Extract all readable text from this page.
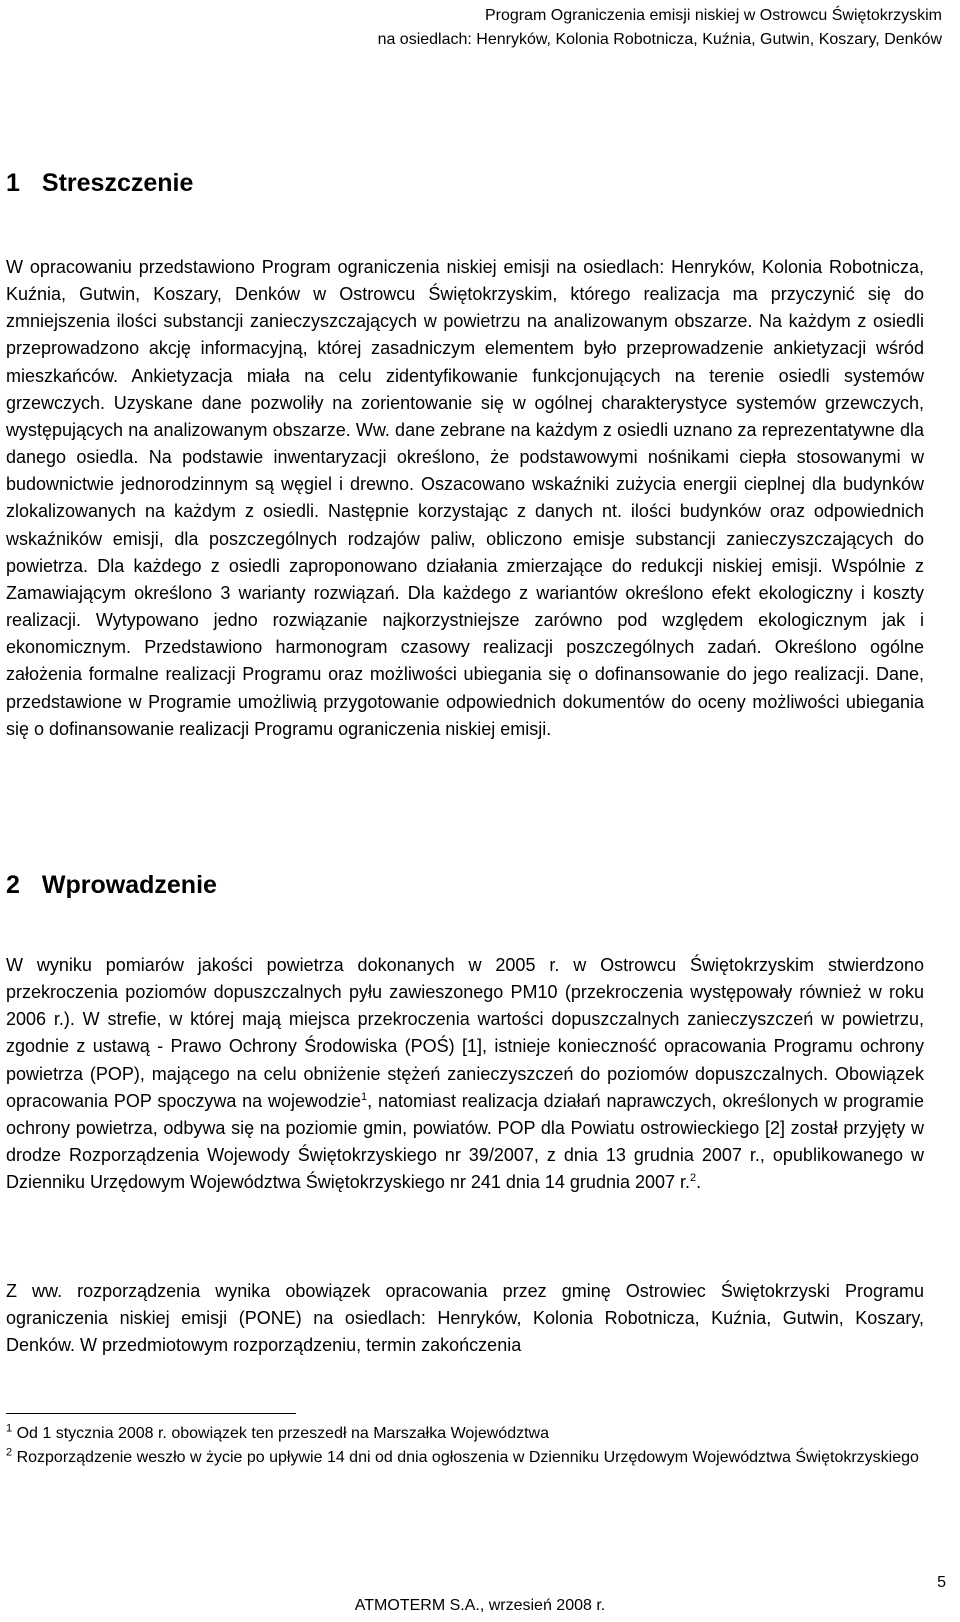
Program Ograniczenia emisji niskiej w Ostrowcu Świętokrzyskim
na osiedlach: Henryków, Kolonia Robotnicza, Kuźnia, Gutwin, Koszary, Denków
1 Streszczenie

W opracowaniu przedstawiono Program ograniczenia niskiej emisji na osiedlach: Henryków, Kolonia Robotnicza, Kuźnia, Gutwin, Koszary, Denków w Ostrowcu Świętokrzyskim, którego realizacja ma przyczynić się do zmniejszenia ilości substancji zanieczyszczających w powietrzu na analizowanym obszarze. Na każdym z osiedli przeprowadzono akcję informacyjną, której zasadniczym elementem było przeprowadzenie ankietyzacji wśród mieszkańców. Ankietyzacja miała na celu zidentyfikowanie funkcjonujących na terenie osiedli systemów grzewczych. Uzyskane dane pozwoliły na zorientowanie się w ogólnej charakterystyce systemów grzewczych, występujących na analizowanym obszarze. Ww. dane zebrane na każdym z osiedli uznano za reprezentatywne dla danego osiedla. Na podstawie inwentaryzacji określono, że podstawowymi nośnikami ciepła stosowanymi w budownictwie jednorodzinnym są węgiel i drewno. Oszacowano wskaźniki zużycia energii cieplnej dla budynków zlokalizowanych na każdym z osiedli. Następnie korzystając z danych nt. ilości budynków oraz odpowiednich wskaźników emisji, dla poszczególnych rodzajów paliw, obliczono emisje substancji zanieczyszczających do powietrza. Dla każdego z osiedli zaproponowano działania zmierzające do redukcji niskiej emisji. Wspólnie z Zamawiającym określono 3 warianty rozwiązań. Dla każdego z wariantów określono efekt ekologiczny i koszty realizacji. Wytypowano jedno rozwiązanie najkorzystniejsze zarówno pod względem ekologicznym jak i ekonomicznym. Przedstawiono harmonogram czasowy realizacji poszczególnych zadań. Określono ogólne założenia formalne realizacji Programu oraz możliwości ubiegania się o dofinansowanie do jego realizacji. Dane, przedstawione w Programie umożliwią przygotowanie odpowiednich dokumentów do oceny możliwości ubiegania się o dofinansowanie realizacji Programu ograniczenia niskiej emisji.

2 Wprowadzenie

W wyniku pomiarów jakości powietrza dokonanych w 2005 r. w Ostrowcu Świętokrzyskim stwierdzono przekroczenia poziomów dopuszczalnych pyłu zawieszonego PM10 (przekroczenia występowały również w roku 2006 r.). W strefie, w której mają miejsca przekroczenia wartości dopuszczalnych zanieczyszczeń w powietrzu, zgodnie z ustawą - Prawo Ochrony Środowiska (POŚ) [1], istnieje konieczność opracowania Programu ochrony powietrza (POP), mającego na celu obniżenie stężeń zanieczyszczeń do poziomów dopuszczalnych. Obowiązek opracowania POP spoczywa na wojewodzie$^1$, natomiast realizacja działań naprawczych, określonych w programie ochrony powietrza, odbywa się na poziomie gmin, powiatów. POP dla Powiatu ostrowieckiego [2] został przyjęty w drodze Rozporządzenia Wojewody Świętokrzyskiego nr 39/2007, z dnia 13 grudnia 2007 r., opublikowanego w Dzienniku Urzędowym Województwa Świętokrzyskiego nr 241 dnia 14 grudnia 2007 r.$^2$.

Z ww. rozporządzenia wynika obowiązek opracowania przez gminę Ostrowiec Świętokrzyski Programu ograniczenia niskiej emisji (PONE) na osiedlach: Henryków, Kolonia Robotnicza, Kuźnia, Gutwin, Koszary, Denków. W przedmiotowym rozporządzeniu, termin zakończenia

$^1$ Od 1 stycznia 2008 r. obowiązek ten przeszedł na Marszałka Województwa

$^2$ Rozporządzenie weszło w życie po upływie 14 dni od dnia ogłoszenia w Dzienniku Urzędowym Województwa Świętokrzyskiego

5
ATMOTERM S.A., wrzesień 2008 r.
